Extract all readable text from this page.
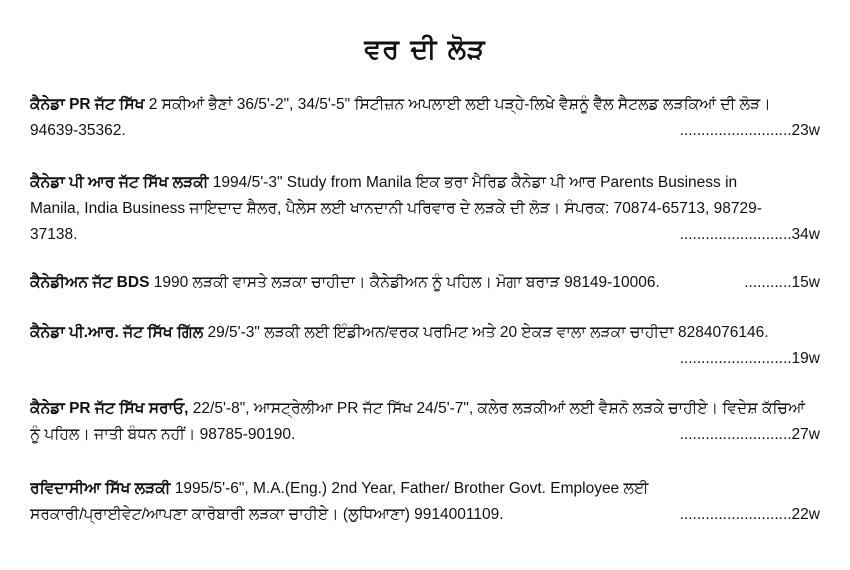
ਵਰ ਦੀ ਲੋੜ
ਕੈਨੇਡਾ PR ਜੱਟ ਸਿੱਖ 2 ਸਕੀਆਂ ਭੈਣਾਂ 36/5'-2", 34/5'-5" ਸਿਟੀਜ਼ਨ ਅਪਲਾਈ ਲਈ ਪੜ੍ਹੇ-ਲਿਖੇ ਵੈਸ਼ਨੂੰ ਵੈੱਲ ਸੈਟਲਡ ਲੜਕਿਆਂ ਦੀ ਲੋੜ।
94639-35362.	..........................23w
ਕੈਨੇਡਾ ਪੀ ਆਰ ਜੱਟ ਸਿੱਖ ਲੜਕੀ 1994/5'-3" Study from Manila ਇਕ ਭਰਾ ਮੈਰਿਡ ਕੈਨੇਡਾ ਪੀ ਆਰ Parents Business in
Manila, India Business ਜਾਇਦਾਦ ਸ਼ੈਲਰ, ਪੈਲੇਸ ਲਈ ਖਾਨਦਾਨੀ ਪਰਿਵਾਰ ਦੇ ਲੜਕੇ ਦੀ ਲੋੜ। ਸੰਪਰਕ: 70874-65713, 98729-
37138.	..........................34w
ਕੈਨੇਡੀਅਨ ਜੱਟ BDS 1990 ਲੜਕੀ ਵਾਸਤੇ ਲੜਕਾ ਚਾਹੀਦਾ। ਕੈਨੇਡੀਅਨ ਨੂੰ ਪਹਿਲ। ਮੋਗਾ ਬਰਾੜ 98149-10006.	...........15w
ਕੈਨੇਡਾ ਪੀ.ਆਰ. ਜੱਟ ਸਿੱਖ ਗਿੱਲ 29/5'-3" ਲੜਕੀ ਲਈ ਇੰਡੀਅਨ/ਵਰਕ ਪਰਮਿਟ ਅਤੇ 20 ਏਕੜ ਵਾਲਾ ਲੜਕਾ ਚਾਹੀਦਾ 8284076146.
..........................19w
ਕੈਨੇਡਾ PR ਜੱਟ ਸਿੱਖ ਸਰਾਓ, 22/5'-8", ਆਸਟ੍ਰੇਲੀਆ PR ਜੱਟ ਸਿੱਖ 24/5'-7", ਕਲੇਰ ਲੜਕੀਆਂ ਲਈ ਵੈਸ਼ਨੋ ਲੜਕੇ ਚਾਹੀਏ। ਵਿਦੇਸ਼ ਕੱਚਿਆਂ
ਨੂੰ ਪਹਿਲ। ਜਾਤੀ ਬੰਧਨ ਨਹੀਂ। 98785-90190.	..........................27w
ਰਵਿਦਾਸੀਆ ਸਿੱਖ ਲੜਕੀ 1995/5'-6", M.A.(Eng.) 2nd Year, Father/ Brother Govt. Employee ਲਈ
ਸਰਕਾਰੀ/ਪ੍ਰਾਈਵੇਟ/ਆਪਣਾ ਕਾਰੋਬਾਰੀ ਲੜਕਾ ਚਾਹੀਏ। (ਲੁਧਿਆਣਾ) 9914001109.	..........................22w
